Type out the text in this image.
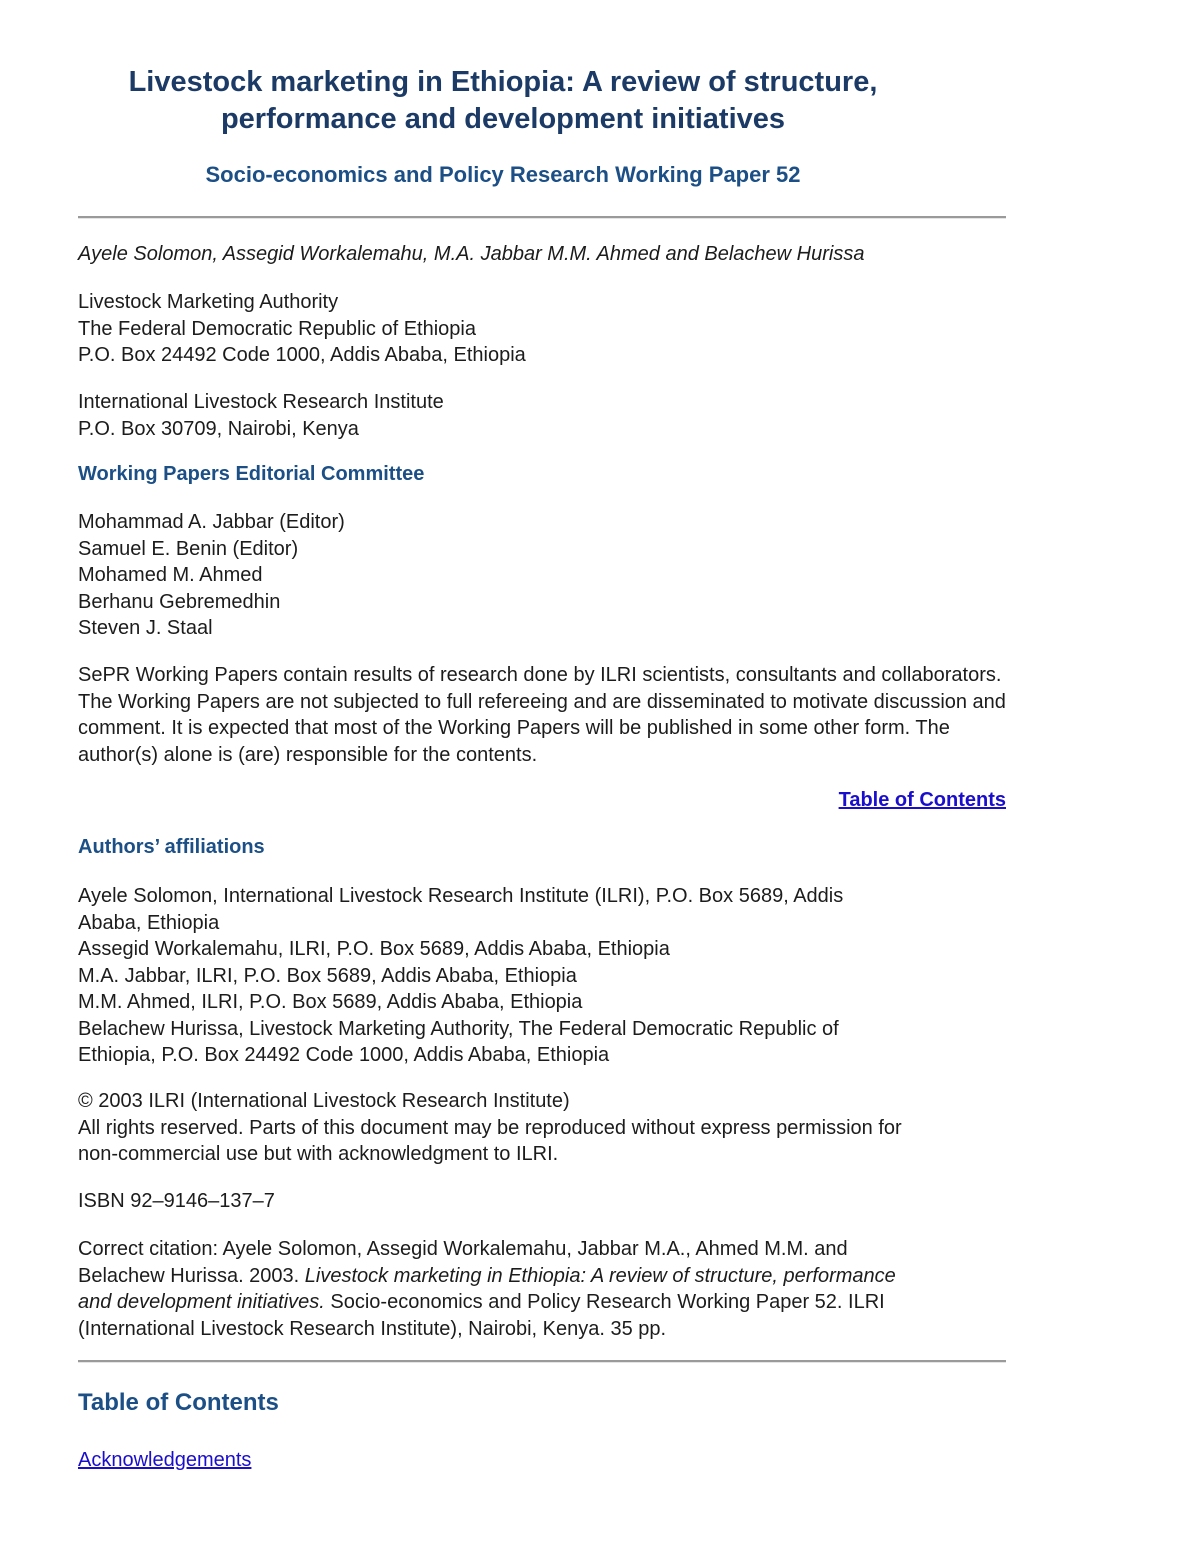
Livestock marketing in Ethiopia: A review of structure,
performance and development initiatives
Socio-economics and Policy Research Working Paper 52
Ayele Solomon, Assegid Workalemahu, M.A. Jabbar M.M. Ahmed and Belachew Hurissa
Livestock Marketing Authority
The Federal Democratic Republic of Ethiopia
P.O. Box 24492 Code 1000, Addis Ababa, Ethiopia
International Livestock Research Institute
P.O. Box 30709, Nairobi, Kenya
Working Papers Editorial Committee
Mohammad A. Jabbar (Editor)
Samuel E. Benin (Editor)
Mohamed M. Ahmed
Berhanu Gebremedhin
Steven J. Staal
SePR Working Papers contain results of research done by ILRI scientists, consultants and collaborators. The Working Papers are not subjected to full refereeing and are disseminated to motivate discussion and comment. It is expected that most of the Working Papers will be published in some other form. The author(s) alone is (are) responsible for the contents.
Table of Contents
Authors’ affiliations
Ayele Solomon, International Livestock Research Institute (ILRI), P.O. Box 5689, Addis
Ababa, Ethiopia
Assegid Workalemahu, ILRI, P.O. Box 5689, Addis Ababa, Ethiopia
M.A. Jabbar, ILRI, P.O. Box 5689, Addis Ababa, Ethiopia
M.M. Ahmed, ILRI, P.O. Box 5689, Addis Ababa, Ethiopia
Belachew Hurissa, Livestock Marketing Authority, The Federal Democratic Republic of
Ethiopia, P.O. Box 24492 Code 1000, Addis Ababa, Ethiopia
© 2003 ILRI (International Livestock Research Institute)
All rights reserved. Parts of this document may be reproduced without express permission for
non-commercial use but with acknowledgment to ILRI.
ISBN 92–9146–137–7
Correct citation: Ayele Solomon, Assegid Workalemahu, Jabbar M.A., Ahmed M.M. and
Belachew Hurissa. 2003. Livestock marketing in Ethiopia: A review of structure, performance
and development initiatives. Socio-economics and Policy Research Working Paper 52. ILRI
(International Livestock Research Institute), Nairobi, Kenya. 35 pp.
Table of Contents
Acknowledgements
